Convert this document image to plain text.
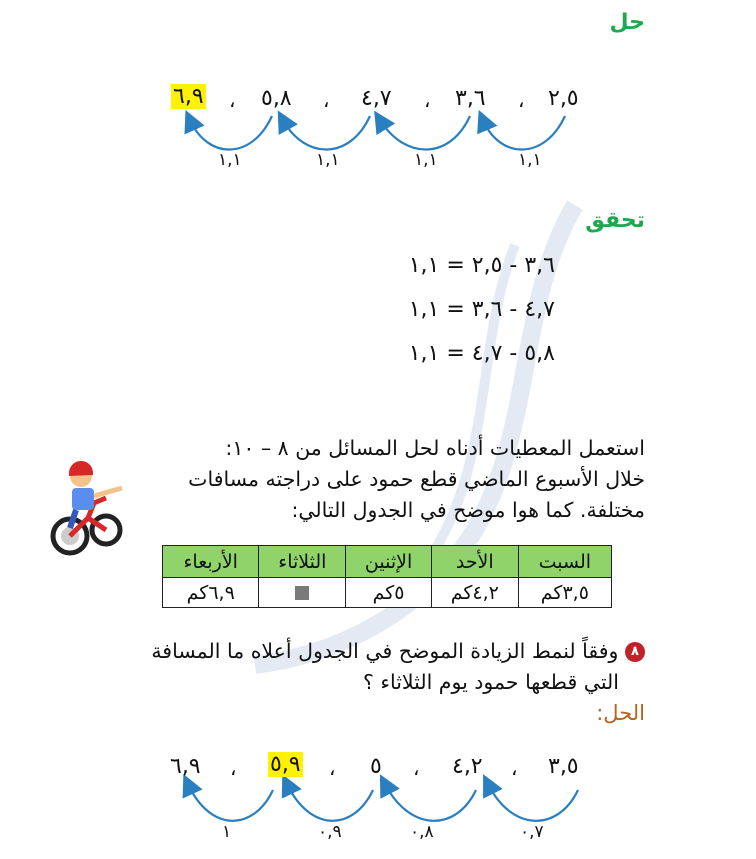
حل
٢,٥
،
٣,٦
،
٤,٧
،
٥,٨
،
٦,٩
١,١
١,١
١,١
١,١
تحقق
٣,٦ - ٢,٥ = ١,١
٤,٧ - ٣,٦ = ١,١
٥,٨ - ٤,٧ = ١,١
استعمل المعطيات أدناه لحل المسائل من ٨ – ١٠:
خلال الأسبوع الماضي قطع حمود على دراجته مسافات
مختلفة. كما هوا موضح في الجدول التالي:
السبت	الأحد	الإثنين	الثلاثاء	الأربعاء
٣,٥كم	٤,٢كم	٥كم		٦,٩كم
٨ وفقاً لنمط الزيادة الموضح في الجدول أعلاه ما المسافة
التي قطعها حمود يوم الثلاثاء ؟
الحل:
٣,٥
،
٤,٢
،
٥
،
٥,٩
،
٦,٩
٠,٧
٠,٨
٠,٩
١
